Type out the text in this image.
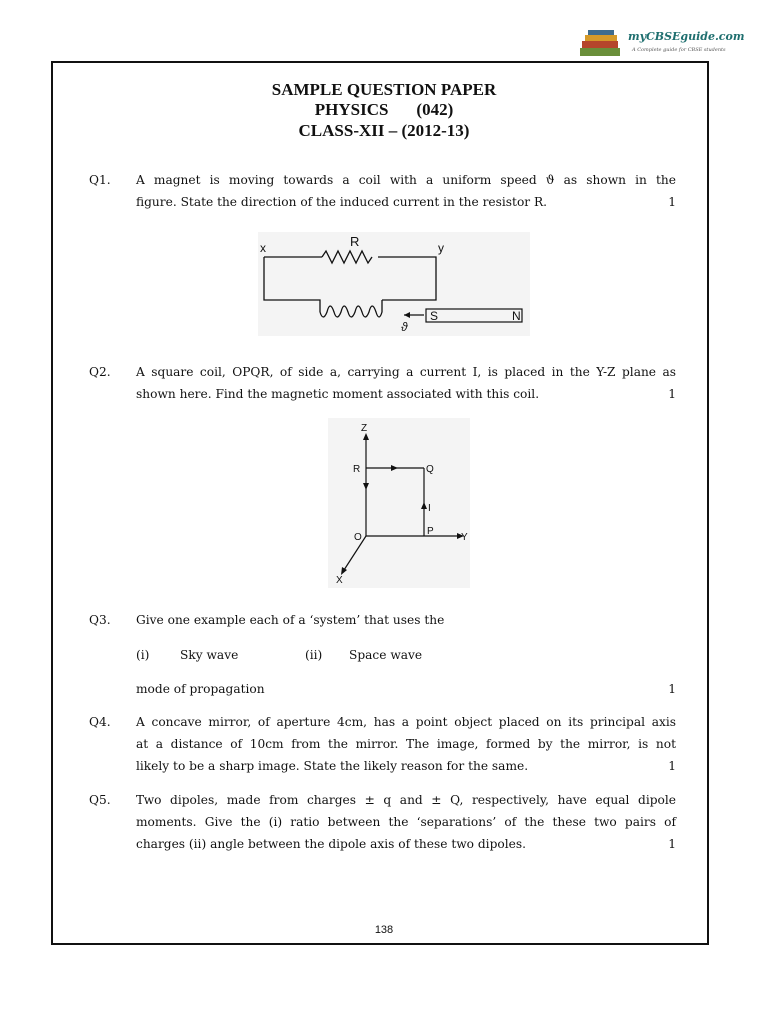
myCBSEguide.com
A Complete guide for CBSE students
SAMPLE QUESTION PAPER
PHYSICS (042)
CLASS-XII – (2012-13)
Q1. A magnet is moving towards a coil with a uniform speed ϑ as shown in the
figure. State the direction of the induced current in the resistor R.	1
S	N
x	R	y
ϑ
Q2. A square coil, OPQR, of side a, carrying a current I, is placed in the Y-Z plane as
shown here. Find the magnetic moment associated with this coil.	1
Z
Y
X
R	Q
I
O
P
Q3. Give one example each of a ‘system’ that uses the
(i)	Sky wave	(ii) Space wave
mode of propagation	1
Q4. A concave mirror, of aperture 4cm, has a point object placed on its principal axis
at a distance of 10cm from the mirror. The image, formed by the mirror, is not
likely to be a sharp image. State the likely reason for the same.	1
Q5. Two dipoles, made from charges ± q and ± Q, respectively, have equal dipole
moments. Give the (i) ratio between the ‘separations’ of the these two pairs of
charges (ii) angle between the dipole axis of these two dipoles.	1
138
